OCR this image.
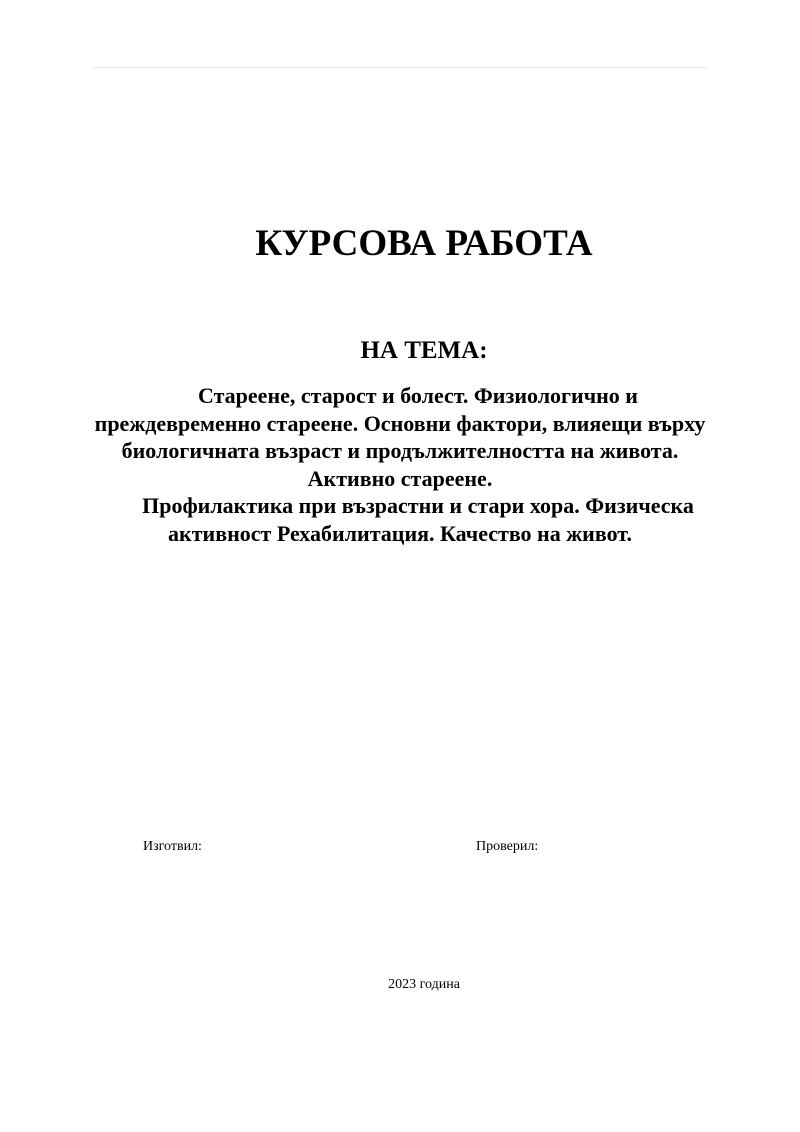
КУРСОВА РАБОТА
НА ТЕМА:

Стареене, старост и болест. Физиологично и преждевременно стареене. Основни фактори, влияещи върху биологичната възраст и продължителността на живота. Активно стареене.

Профилактика при възрастни и стари хора. Физическа активност Рехабилитация. Качество на живот.

Изготвил:	Проверил:
2023 година
